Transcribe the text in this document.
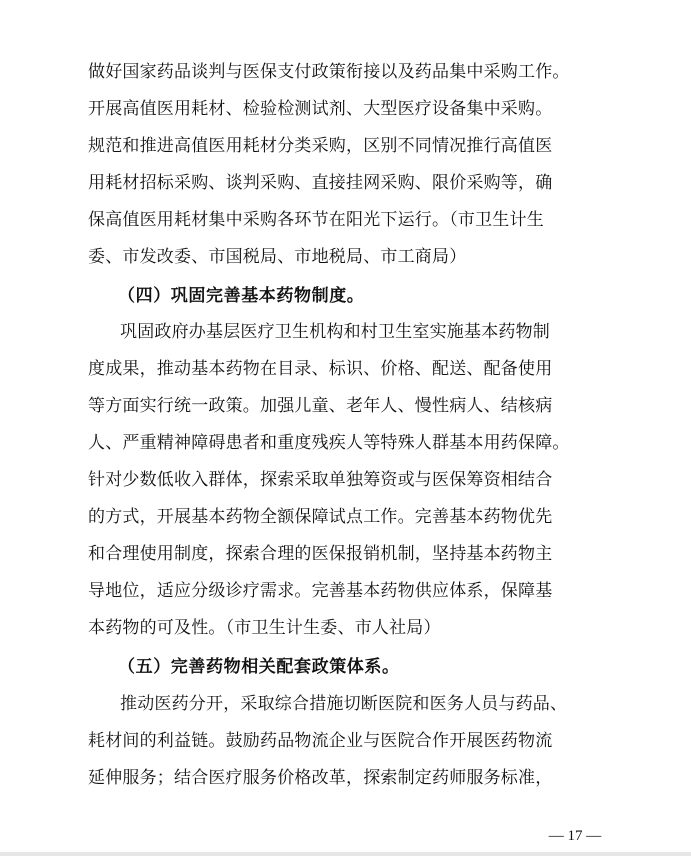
做好国家药品谈判与医保支付政策衔接以及药品集中采购工作。
开展高值医用耗材、检验检测试剂、大型医疗设备集中采购。
规范和推进高值医用耗材分类采购，区别不同情况推行高值医
用耗材招标采购、谈判采购、直接挂网采购、限价采购等，确
保高值医用耗材集中采购各环节在阳光下运行。（市卫生计生
委、市发改委、市国税局、市地税局、市工商局）
（四）巩固完善基本药物制度。
巩固政府办基层医疗卫生机构和村卫生室实施基本药物制
度成果，推动基本药物在目录、标识、价格、配送、配备使用
等方面实行统一政策。加强儿童、老年人、慢性病人、结核病
人、严重精神障碍患者和重度残疾人等特殊人群基本用药保障。
针对少数低收入群体，探索采取单独筹资或与医保筹资相结合
的方式，开展基本药物全额保障试点工作。完善基本药物优先
和合理使用制度，探索合理的医保报销机制，坚持基本药物主
导地位，适应分级诊疗需求。完善基本药物供应体系，保障基
本药物的可及性。（市卫生计生委、市人社局）
（五）完善药物相关配套政策体系。
推动医药分开，采取综合措施切断医院和医务人员与药品、
耗材间的利益链。鼓励药品物流企业与医院合作开展医药物流
延伸服务；结合医疗服务价格改革，探索制定药师服务标准，
— 17 —
